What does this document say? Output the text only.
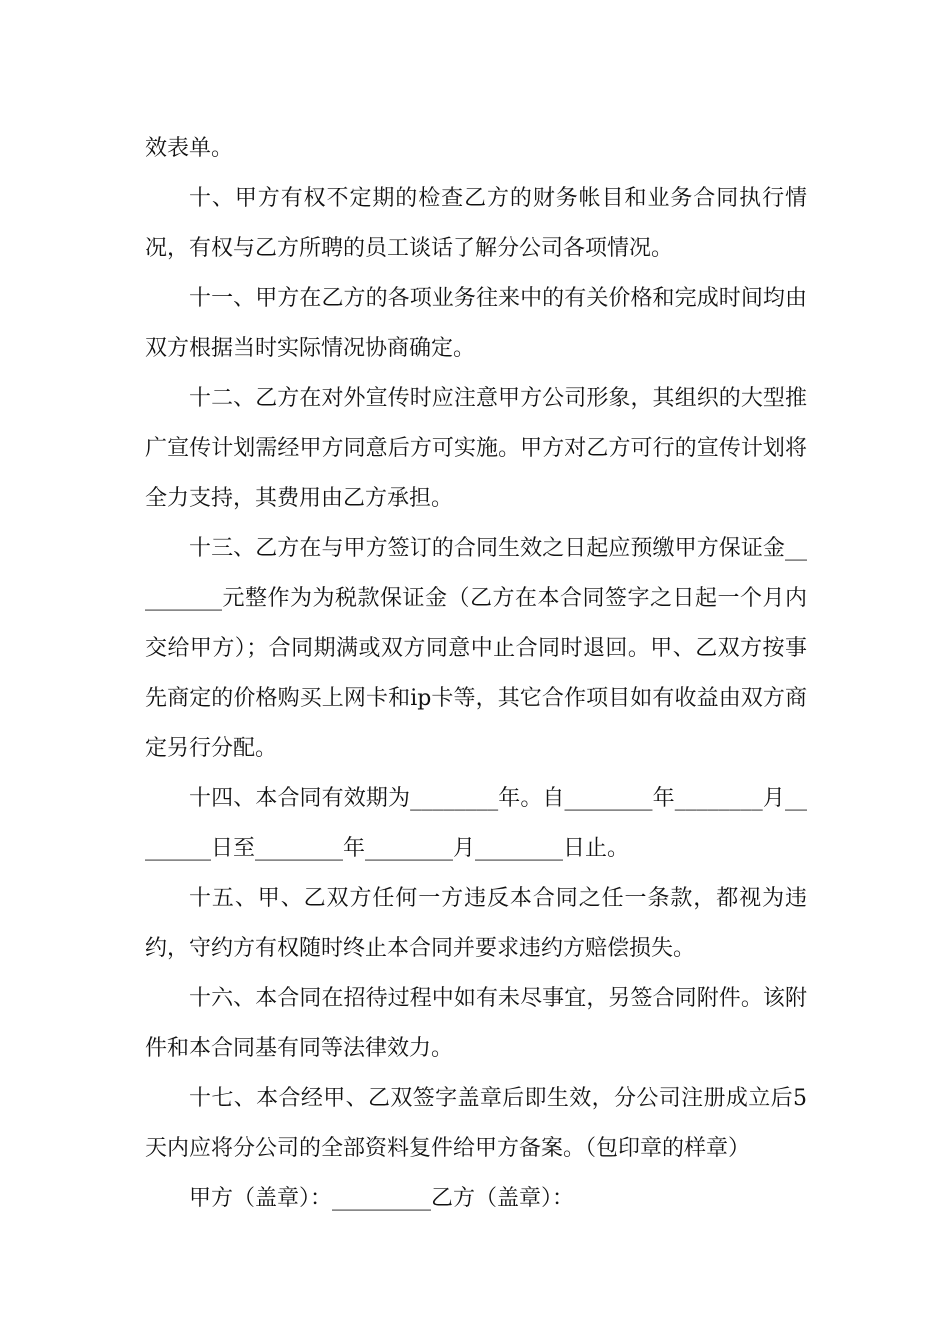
效表单。

十、甲方有权不定期的检查乙方的财务帐目和业务合同执行情况，有权与乙方所聘的员工谈话了解分公司各项情况。

十一、甲方在乙方的各项业务往来中的有关价格和完成时间均由双方根据当时实际情况协商确定。

十二、乙方在对外宣传时应注意甲方公司形象，其组织的大型推广宣传计划需经甲方同意后方可实施。甲方对乙方可行的宣传计划将全力支持，其费用由乙方承担。

十三、乙方在与甲方签订的合同生效之日起应预缴甲方保证金_________元整作为为税款保证金（乙方在本合同签字之日起一个月内交给甲方）；合同期满或双方同意中止合同时退回。甲、乙双方按事先商定的价格购买上网卡和ip卡等，其它合作项目如有收益由双方商定另行分配。

十四、本合同有效期为________年。自________年________月________日至________年________月________日止。

十五、甲、乙双方任何一方违反本合同之任一条款，都视为违约，守约方有权随时终止本合同并要求违约方赔偿损失。

十六、本合同在招待过程中如有未尽事宜，另签合同附件。该附件和本合同基有同等法律效力。

十七、本合经甲、乙双签字盖章后即生效，分公司注册成立后5天内应将分公司的全部资料复件给甲方备案。（包印章的样章）

甲方（盖章）：_________乙方（盖章）：
